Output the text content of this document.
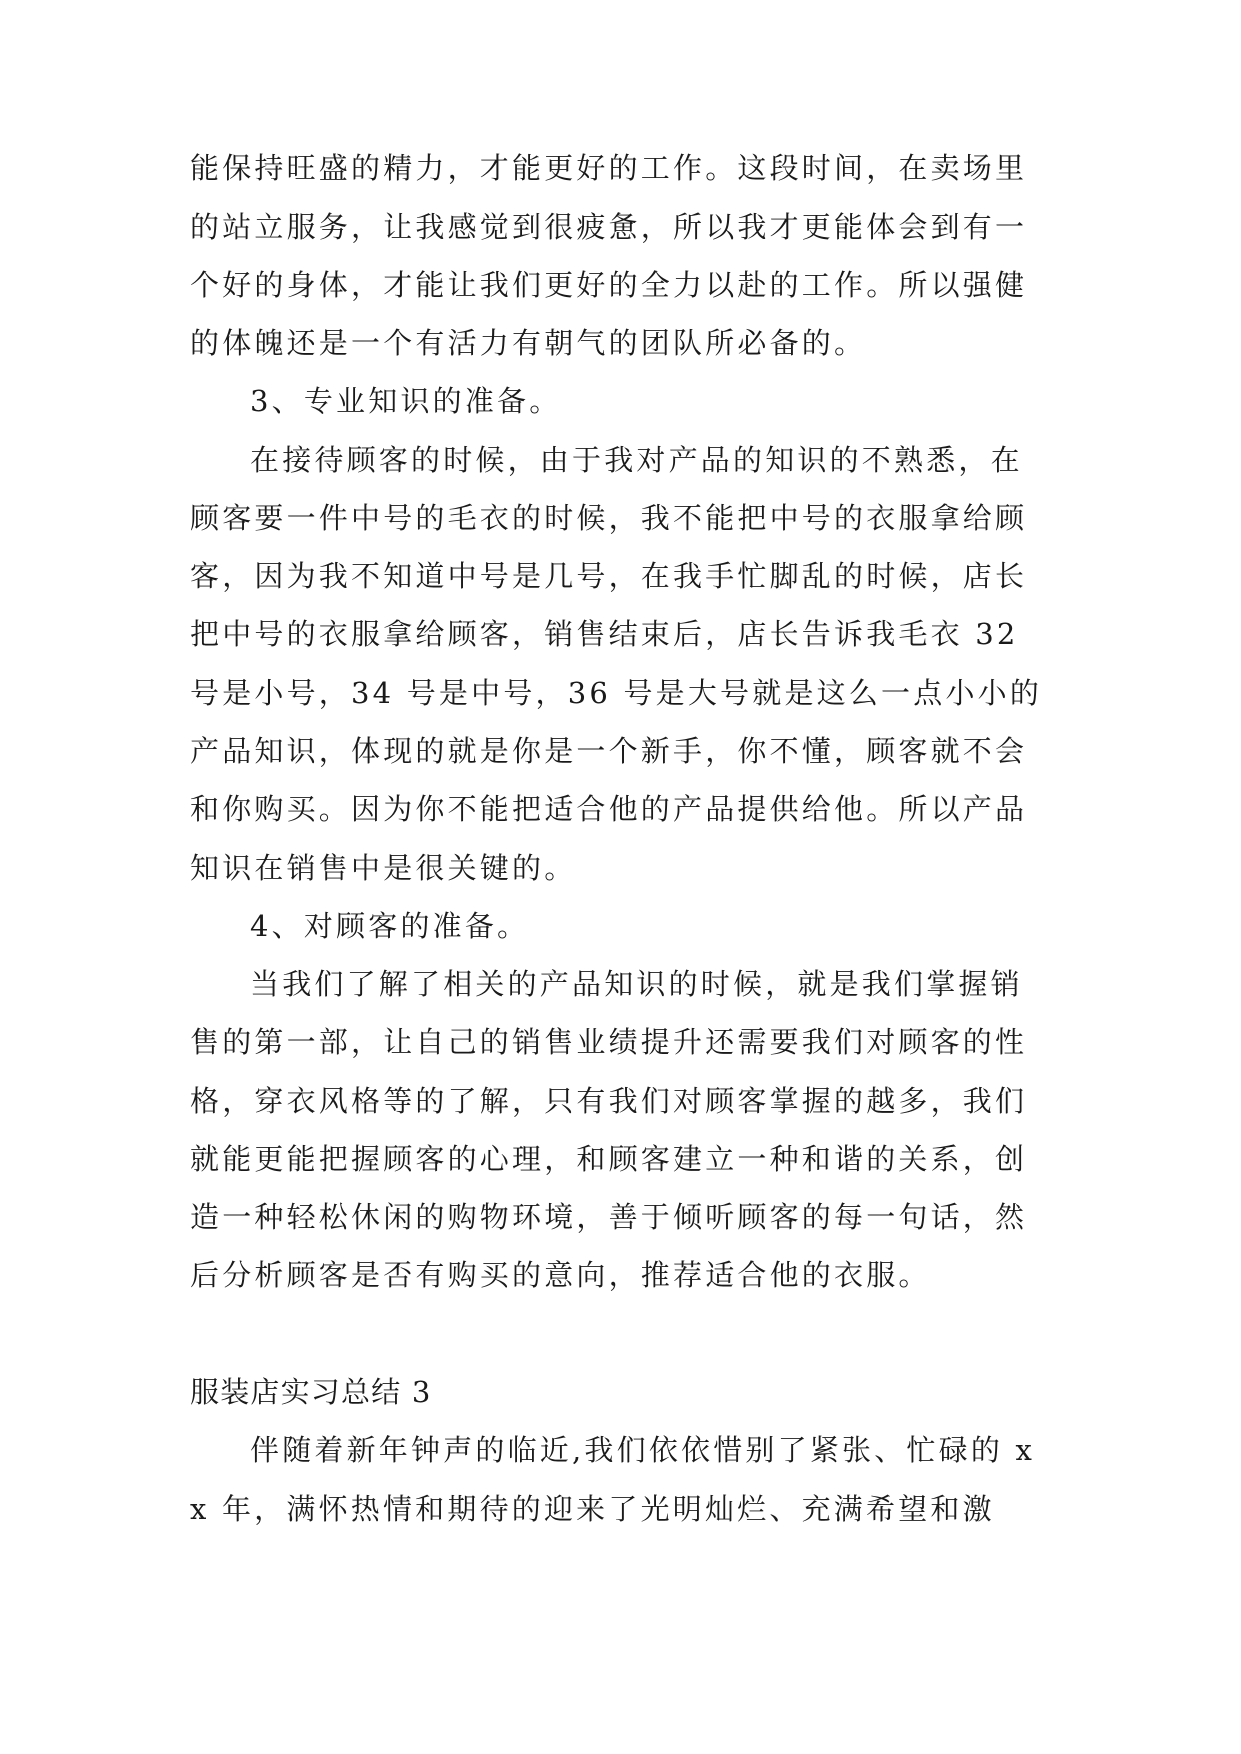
能保持旺盛的精力，才能更好的工作。这段时间，在卖场里
的站立服务，让我感觉到很疲惫，所以我才更能体会到有一
个好的身体，才能让我们更好的全力以赴的工作。所以强健
的体魄还是一个有活力有朝气的团队所必备的。
3、专业知识的准备。
在接待顾客的时候，由于我对产品的知识的不熟悉，在
顾客要一件中号的毛衣的时候，我不能把中号的衣服拿给顾
客，因为我不知道中号是几号，在我手忙脚乱的时候，店长
把中号的衣服拿给顾客，销售结束后，店长告诉我毛衣 32
号是小号，34 号是中号，36 号是大号就是这么一点小小的
产品知识，体现的就是你是一个新手，你不懂，顾客就不会
和你购买。因为你不能把适合他的产品提供给他。所以产品
知识在销售中是很关键的。
4、对顾客的准备。
当我们了解了相关的产品知识的时候，就是我们掌握销
售的第一部，让自己的销售业绩提升还需要我们对顾客的性
格，穿衣风格等的了解，只有我们对顾客掌握的越多，我们
就能更能把握顾客的心理，和顾客建立一种和谐的关系，创
造一种轻松休闲的购物环境，善于倾听顾客的每一句话，然
后分析顾客是否有购买的意向，推荐适合他的衣服。
服装店实习总结 3
伴随着新年钟声的临近,我们依依惜别了紧张、忙碌的 x
x 年，满怀热情和期待的迎来了光明灿烂、充满希望和激
